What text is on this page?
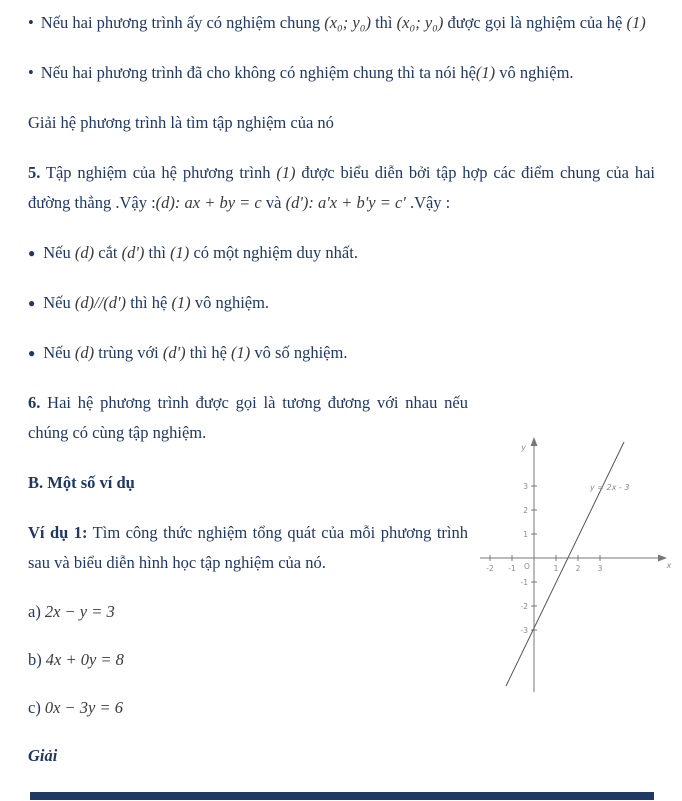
• Nếu hai phương trình ấy có nghiệm chung (x₀; y₀) thì (x₀; y₀) được gọi là nghiệm của hệ (1)

• Nếu hai phương trình đã cho không có nghiệm chung thì ta nói hệ(1) vô nghiệm.

Giải hệ phương trình là tìm tập nghiệm của nó

5. Tập nghiệm của hệ phương trình (1) được biểu diễn bởi tập hợp các điểm chung của hai đường thẳng .Vậy :(d): ax + by = c và (d'): a'x + b'y = c' .Vậy :

● Nếu (d) cắt (d') thì (1) có một nghiệm duy nhất.

● Nếu (d)//(d') thì hệ (1) vô nghiệm.

● Nếu (d) trùng với (d') thì hệ (1) vô số nghiệm.

6. Hai hệ phương trình được gọi là tương đương với nhau nếu chúng có cùng tập nghiệm.

B. Một số ví dụ

Ví dụ 1: Tìm công thức nghiệm tổng quát của mỗi phương trình sau và biểu diễn hình học tập nghiệm của nó.

a) 2x − y = 3

b) 4x + 0y = 8

c) 0x − 3y = 6

Giải

-2 -1 O	1 2 3
3
2
1
-1
-2
-3
y
x
y = 2x - 3
